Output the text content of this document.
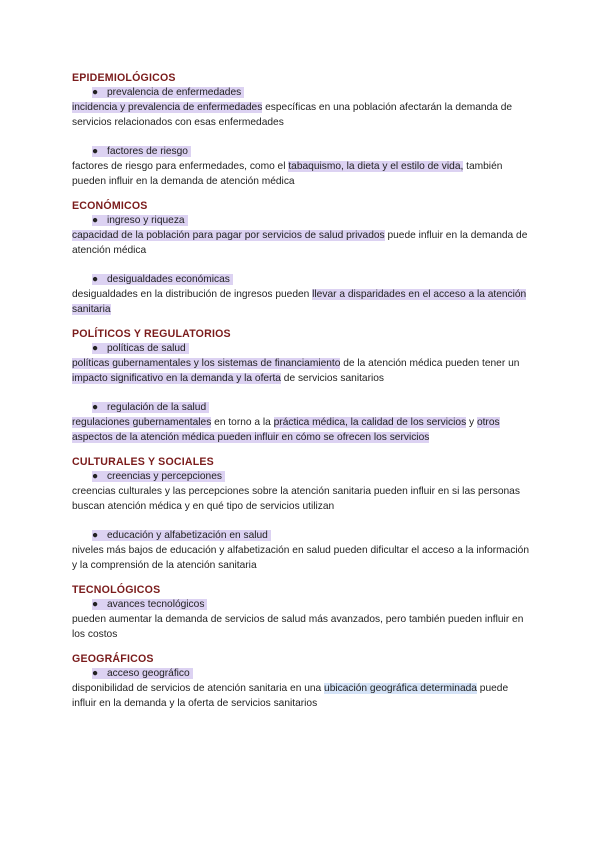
EPIDEMIOLÓGICOS
● prevalencia de enfermedades

incidencia y prevalencia de enfermedades específicas en una población afectarán la demanda de servicios relacionados con esas enfermedades

● factores de riesgo

factores de riesgo para enfermedades, como el tabaquismo, la dieta y el estilo de vida, también pueden influir en la demanda de atención médica

ECONÓMICOS
● ingreso y riqueza

capacidad de la población para pagar por servicios de salud privados puede influir en la demanda de atención médica

● desigualdades económicas

desigualdades en la distribución de ingresos pueden llevar a disparidades en el acceso a la atención sanitaria

POLÍTICOS Y REGULATORIOS
● políticas de salud

políticas gubernamentales y los sistemas de financiamiento de la atención médica pueden tener un impacto significativo en la demanda y la oferta de servicios sanitarios

● regulación de la salud

regulaciones gubernamentales en torno a la práctica médica, la calidad de los servicios y otros aspectos de la atención médica pueden influir en cómo se ofrecen los servicios

CULTURALES Y SOCIALES
● creencias y percepciones

creencias culturales y las percepciones sobre la atención sanitaria pueden influir en si las personas buscan atención médica y en qué tipo de servicios utilizan

● educación y alfabetización en salud

niveles más bajos de educación y alfabetización en salud pueden dificultar el acceso a la información y la comprensión de la atención sanitaria

TECNOLÓGICOS
● avances tecnológicos

pueden aumentar la demanda de servicios de salud más avanzados, pero también pueden influir en los costos

GEOGRÁFICOS
● acceso geográfico

disponibilidad de servicios de atención sanitaria en una ubicación geográfica determinada puede influir en la demanda y la oferta de servicios sanitarios
